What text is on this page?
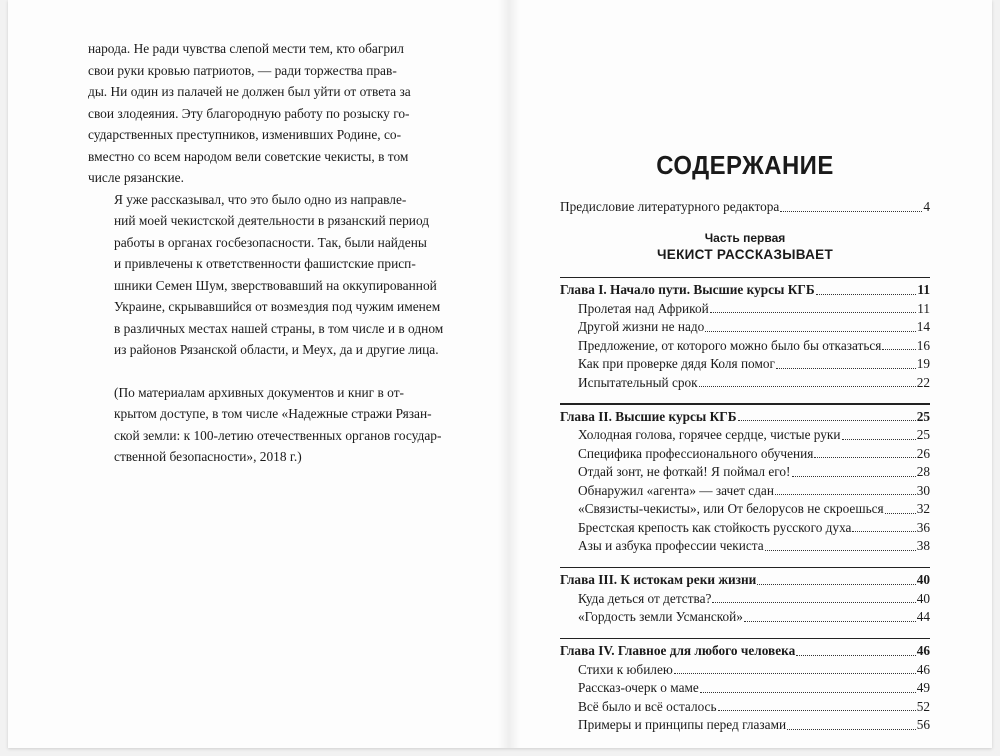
народа. Не ради чувства слепой мести тем, кто обагрил
свои руки кровью патриотов, — ради торжества прав-
ды. Ни один из палачей не должен был уйти от ответа за
свои злодеяния. Эту благородную работу по розыску го-
сударственных преступников, изменивших Родине, со-
вместно со всем народом вели советские чекисты, в том
числе рязанские.

Я уже рассказывал, что это было одно из направле-
ний моей чекистской деятельности в рязанский период
работы в органах госбезопасности. Так, были найдены
и привлечены к ответственности фашистские присп-
шники Семен Шум, зверствовавший на оккупированной
Украине, скрывавшийся от возмездия под чужим именем
в различных местах нашей страны, в том числе и в одном
из районов Рязанской области, и Меух, да и другие лица.

(По материалам архивных документов и книг в от-
крытом доступе, в том числе «Надежные стражи Рязан-
ской земли: к 100-летию отечественных органов государ-
ственной безопасности», 2018 г.)

СОДЕРЖАНИЕ
Предисловие литературного редактора	4
Часть первая
ЧЕКИСТ РАССКАЗЫВАЕТ
Глава I. Начало пути. Высшие курсы КГБ	11
Пролетая над Африкой	11
Другой жизни не надо	14
Предложение, от которого можно было бы отказаться	16
Как при проверке дядя Коля помог	19
Испытательный срок	22
Глава II. Высшие курсы КГБ	25
Холодная голова, горячее сердце, чистые руки	25
Специфика профессионального обучения	26
Отдай зонт, не фоткай! Я поймал его!	28
Обнаружил «агента» — зачет сдан	30
«Связисты-чекисты», или От белорусов не скроешься 32
Брестская крепость как стойкость русского духа	36
Азы и азбука профессии чекиста	38
Глава III. К истокам реки жизни	40
Куда деться от детства?	40
«Гордость земли Усманской»	44
Глава IV. Главное для любого человека	46
Стихи к юбилею	46
Рассказ-очерк о маме	49
Всё было и всё осталось	52
Примеры и принципы перед глазами	56
